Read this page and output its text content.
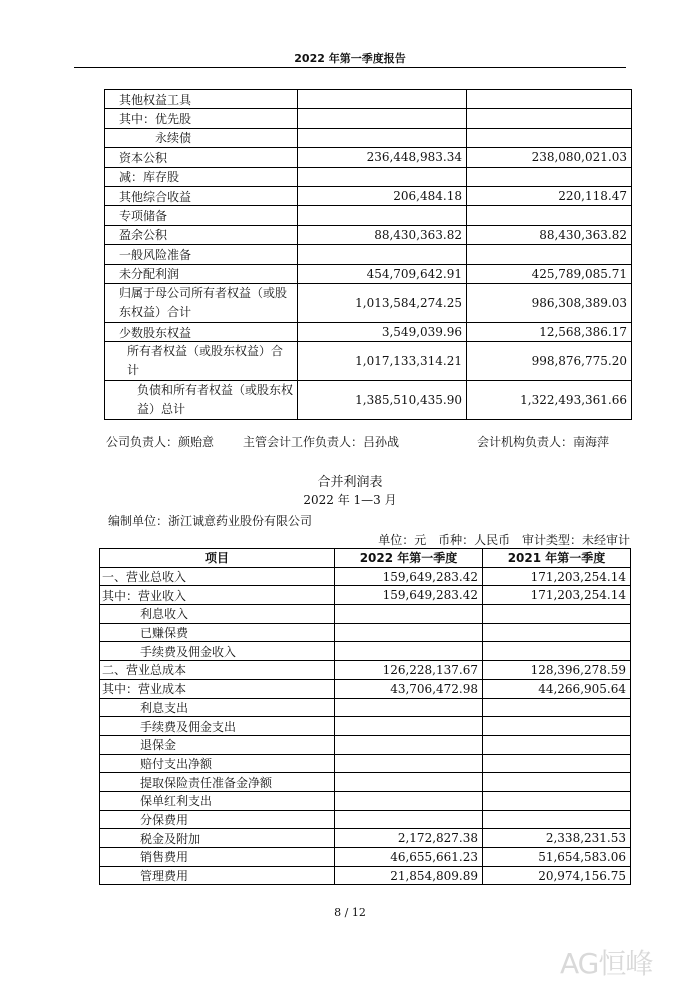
2022 年第一季度报告
其他权益工具		
其中：优先股		
永续债		
资本公积	236,448,983.34	238,080,021.03
减：库存股		
其他综合收益	206,484.18	220,118.47
专项储备		
盈余公积	88,430,363.82	88,430,363.82
一般风险准备		
未分配利润	454,709,642.91	425,789,085.71
归属于母公司所有者权益（或股东权益）合计	1,013,584,274.25	986,308,389.03
少数股东权益	3,549,039.96	12,568,386.17
所有者权益（或股东权益）合计	1,017,133,314.21	998,876,775.20
负债和所有者权益（或股东权益）总计	1,385,510,435.90	1,322,493,361.66
公司负责人：颜贻意 主管会计工作负责人：吕孙战	会计机构负责人：南海萍
合并利润表
2022 年 1—3 月
编制单位：浙江诚意药业股份有限公司
单位：元 币种：人民币 审计类型：未经审计
项目	2022 年第一季度	2021 年第一季度
一、营业总收入	159,649,283.42	171,203,254.14
其中：营业收入	159,649,283.42	171,203,254.14
利息收入		
已赚保费		
手续费及佣金收入		
二、营业总成本	126,228,137.67	128,396,278.59
其中：营业成本	43,706,472.98	44,266,905.64
利息支出		
手续费及佣金支出		
退保金		
赔付支出净额		
提取保险责任准备金净额		
保单红利支出		
分保费用		
税金及附加	2,172,827.38	2,338,231.53
销售费用	46,655,661.23	51,654,583.06
管理费用	21,854,809.89	20,974,156.75
8 / 12
AG恒峰
